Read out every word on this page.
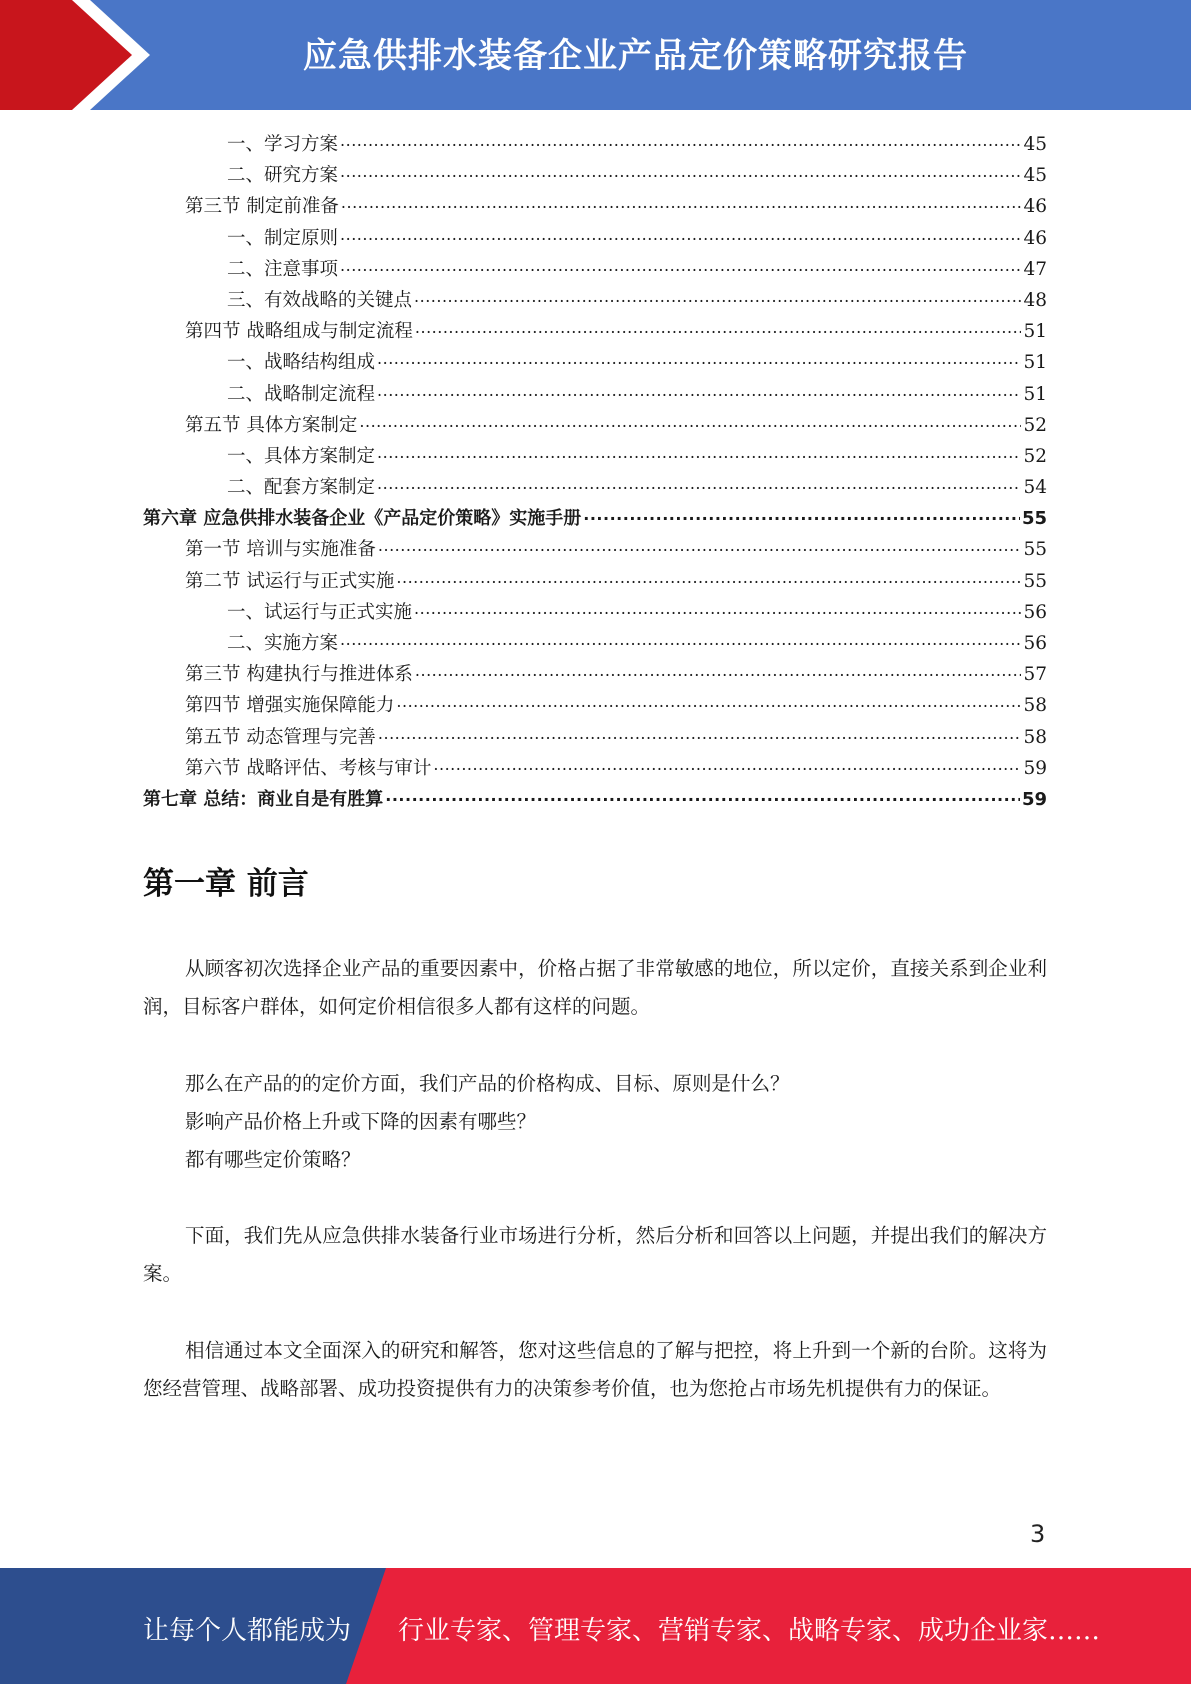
应急供排水装备企业产品定价策略研究报告
一、学习方案 .....	45
二、研究方案 .....	45
第三节 制定前准备 .....	46
一、制定原则 .....	46
二、注意事项 .....	47
三、有效战略的关键点 .....	48
第四节 战略组成与制定流程 .....	51
一、战略结构组成 .....	51
二、战略制定流程 .....	51
第五节 具体方案制定 .....	52
一、具体方案制定 .....	52
二、配套方案制定 .....	54
第六章 应急供排水装备企业《产品定价策略》实施手册 .....	55
第一节 培训与实施准备 .....	55
第二节 试运行与正式实施 .....	55
一、试运行与正式实施 .....	56
二、实施方案 .....	56
第三节 构建执行与推进体系 .....	57
第四节 增强实施保障能力 .....	58
第五节 动态管理与完善 .....	58
第六节 战略评估、考核与审计 .....	59
第七章 总结：商业自是有胜算 .....	59
第一章 前言

从顾客初次选择企业产品的重要因素中，价格占据了非常敏感的地位，所以定价，直接关系到企业利润，目标客户群体，如何定价相信很多人都有这样的问题。

那么在产品的的定价方面，我们产品的价格构成、目标、原则是什么？

影响产品价格上升或下降的因素有哪些？

都有哪些定价策略？

下面，我们先从应急供排水装备行业市场进行分析，然后分析和回答以上问题，并提出我们的解决方案。

相信通过本文全面深入的研究和解答，您对这些信息的了解与把控，将上升到一个新的台阶。这将为您经营管理、战略部署、成功投资提供有力的决策参考价值，也为您抢占市场先机提供有力的保证。

3
让每个人都能成为 行业专家、管理专家、营销专家、战略专家、成功企业家……
